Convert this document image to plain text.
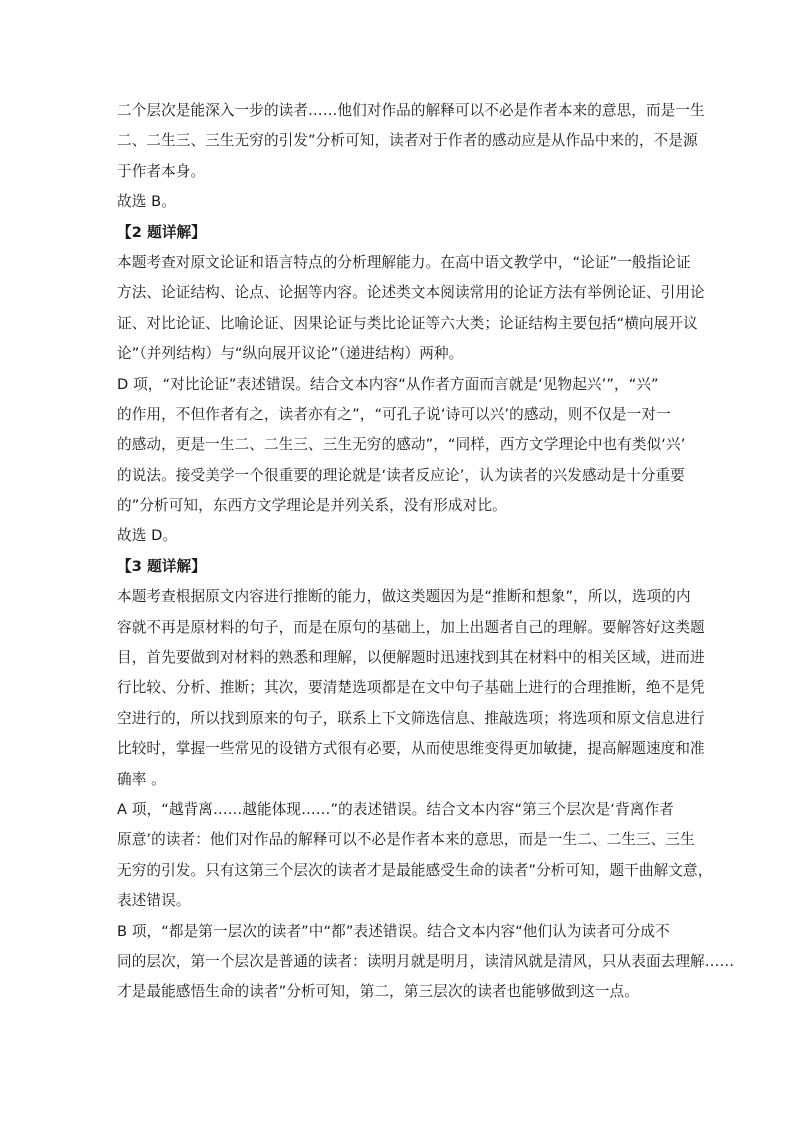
二个层次是能深入一步的读者……他们对作品的解释可以不必是作者本来的意思，而是一生
二、二生三、三生无穷的引发”分析可知，读者对于作者的感动应是从作品中来的，不是源
于作者本身。
故选 B。
【2 题详解】
本题考查对原文论证和语言特点的分析理解能力。在高中语文教学中，“论证”一般指论证
方法、论证结构、论点、论据等内容。论述类文本阅读常用的论证方法有举例论证、引用论
证、对比论证、比喻论证、因果论证与类比论证等六大类；论证结构主要包括“横向展开议
论”（并列结构）与“纵向展开议论”（递进结构）两种。
D 项，“对比论证”表述错误。结合文本内容“从作者方面而言就是‘见物起兴’”，“兴”
的作用，不但作者有之，读者亦有之”，“可孔子说‘诗可以兴’的感动，则不仅是一对一
的感动，更是一生二、二生三、三生无穷的感动”，“同样，西方文学理论中也有类似‘兴’
的说法。接受美学一个很重要的理论就是‘读者反应论’，认为读者的兴发感动是十分重要
的”分析可知，东西方文学理论是并列关系，没有形成对比。
故选 D。
【3 题详解】
本题考查根据原文内容进行推断的能力，做这类题因为是“推断和想象”，所以，选项的内
容就不再是原材料的句子，而是在原句的基础上，加上出题者自己的理解。要解答好这类题
目，首先要做到对材料的熟悉和理解，以便解题时迅速找到其在材料中的相关区域，进而进
行比较、分析、推断；其次，要清楚选项都是在文中句子基础上进行的合理推断，绝不是凭
空进行的，所以找到原来的句子，联系上下文筛选信息、推敲选项；将选项和原文信息进行
比较时，掌握一些常见的设错方式很有必要，从而使思维变得更加敏捷，提高解题速度和准
确率 。
A 项，“越背离……越能体现……”的表述错误。结合文本内容“第三个层次是‘背离作者
原意’的读者：他们对作品的解释可以不必是作者本来的意思，而是一生二、二生三、三生
无穷的引发。只有这第三个层次的读者才是最能感受生命的读者”分析可知，题干曲解文意，
表述错误。
B 项，“都是第一层次的读者”中“都”表述错误。结合文本内容“他们认为读者可分成不
同的层次，第一个层次是普通的读者：读明月就是明月，读清风就是清风，只从表面去理解……
才是最能感悟生命的读者”分析可知，第二，第三层次的读者也能够做到这一点。
